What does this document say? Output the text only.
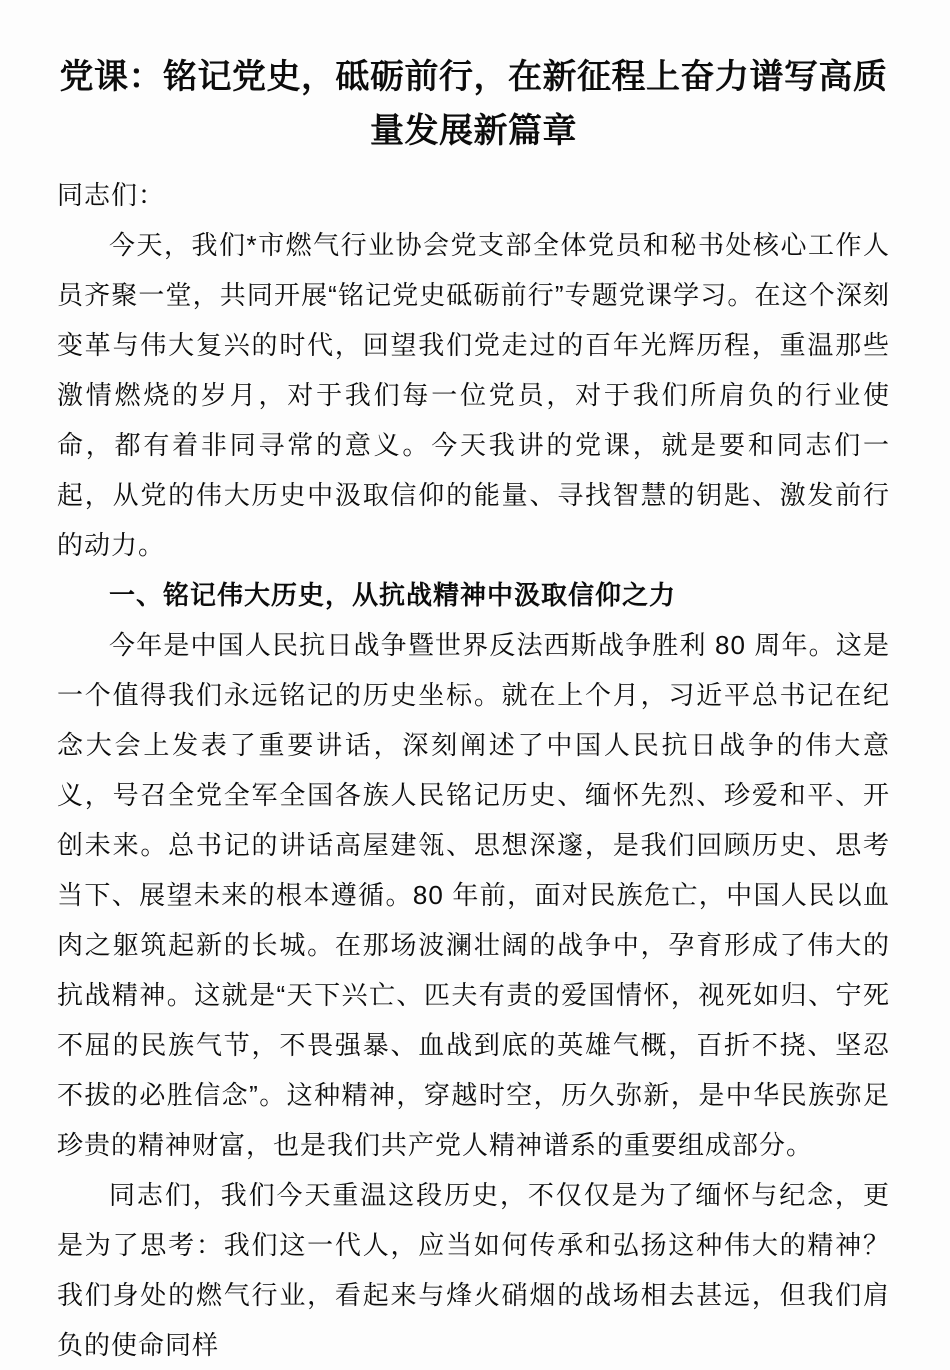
党课：铭记党史，砥砺前行，在新征程上奋力谱写高质量发展新篇章

同志们：

今天，我们*市燃气行业协会党支部全体党员和秘书处核心工作人员齐聚一堂，共同开展“铭记党史砥砺前行”专题党课学习。在这个深刻变革与伟大复兴的时代，回望我们党走过的百年光辉历程，重温那些激情燃烧的岁月，对于我们每一位党员，对于我们所肩负的行业使命，都有着非同寻常的意义。今天我讲的党课，就是要和同志们一起，从党的伟大历史中汲取信仰的能量、寻找智慧的钥匙、激发前行的动力。

一、铭记伟大历史，从抗战精神中汲取信仰之力

今年是中国人民抗日战争暨世界反法西斯战争胜利 80 周年。这是一个值得我们永远铭记的历史坐标。就在上个月，习近平总书记在纪念大会上发表了重要讲话，深刻阐述了中国人民抗日战争的伟大意义，号召全党全军全国各族人民铭记历史、缅怀先烈、珍爱和平、开创未来。总书记的讲话高屋建瓴、思想深邃，是我们回顾历史、思考当下、展望未来的根本遵循。80 年前，面对民族危亡，中国人民以血肉之躯筑起新的长城。在那场波澜壮阔的战争中，孕育形成了伟大的抗战精神。这就是“天下兴亡、匹夫有责的爱国情怀，视死如归、宁死不屈的民族气节，不畏强暴、血战到底的英雄气概，百折不挠、坚忍不拔的必胜信念”。这种精神，穿越时空，历久弥新，是中华民族弥足珍贵的精神财富，也是我们共产党人精神谱系的重要组成部分。

同志们，我们今天重温这段历史，不仅仅是为了缅怀与纪念，更是为了思考：我们这一代人，应当如何传承和弘扬这种伟大的精神？我们身处的燃气行业，看起来与烽火硝烟的战场相去甚远，但我们肩负的使命同样
